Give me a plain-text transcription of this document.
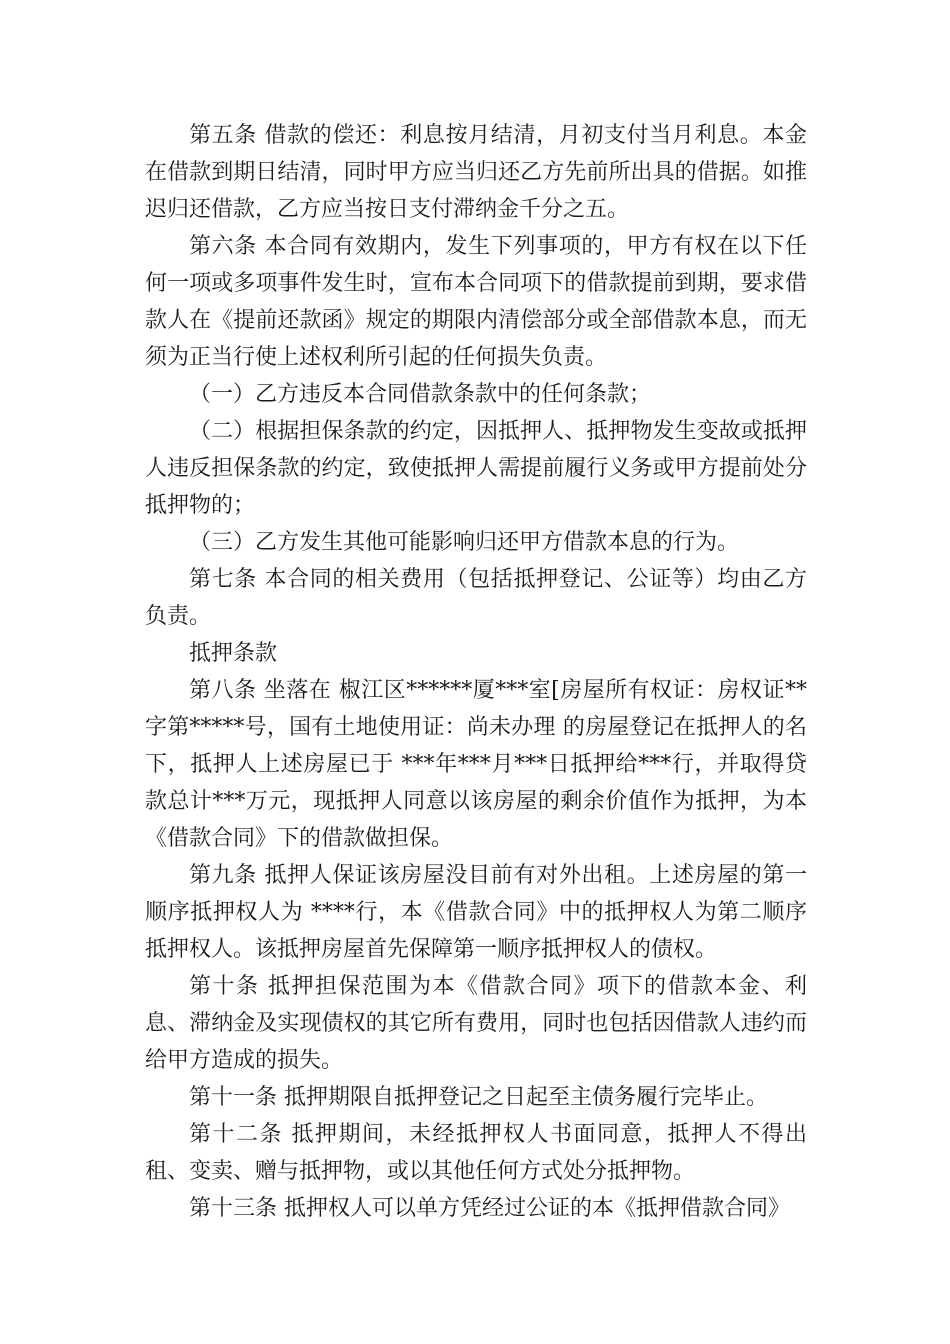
第五条 借款的偿还：利息按月结清，月初支付当月利息。本金在借款到期日结清，同时甲方应当归还乙方先前所出具的借据。如推迟归还借款，乙方应当按日支付滞纳金千分之五。

第六条 本合同有效期内，发生下列事项的，甲方有权在以下任何一项或多项事件发生时，宣布本合同项下的借款提前到期，要求借款人在《提前还款函》规定的期限内清偿部分或全部借款本息，而无须为正当行使上述权利所引起的任何损失负责。

（一）乙方违反本合同借款条款中的任何条款；

（二）根据担保条款的约定，因抵押人、抵押物发生变故或抵押人违反担保条款的约定，致使抵押人需提前履行义务或甲方提前处分抵押物的；

（三）乙方发生其他可能影响归还甲方借款本息的行为。

第七条 本合同的相关费用（包括抵押登记、公证等）均由乙方负责。

抵押条款

第八条 坐落在 椒江区******厦***室[房屋所有权证：房权证**字第*****号，国有土地使用证：尚未办理 的房屋登记在抵押人的名下，抵押人上述房屋已于 ***年***月***日抵押给***行，并取得贷款总计***万元，现抵押人同意以该房屋的剩余价值作为抵押，为本《借款合同》下的借款做担保。

第九条 抵押人保证该房屋没目前有对外出租。上述房屋的第一顺序抵押权人为 ****行，本《借款合同》中的抵押权人为第二顺序抵押权人。该抵押房屋首先保障第一顺序抵押权人的债权。

第十条 抵押担保范围为本《借款合同》项下的借款本金、利息、滞纳金及实现债权的其它所有费用，同时也包括因借款人违约而给甲方造成的损失。

第十一条 抵押期限自抵押登记之日起至主债务履行完毕止。

第十二条 抵押期间，未经抵押权人书面同意，抵押人不得出租、变卖、赠与抵押物，或以其他任何方式处分抵押物。

第十三条 抵押权人可以单方凭经过公证的本《抵押借款合同》
